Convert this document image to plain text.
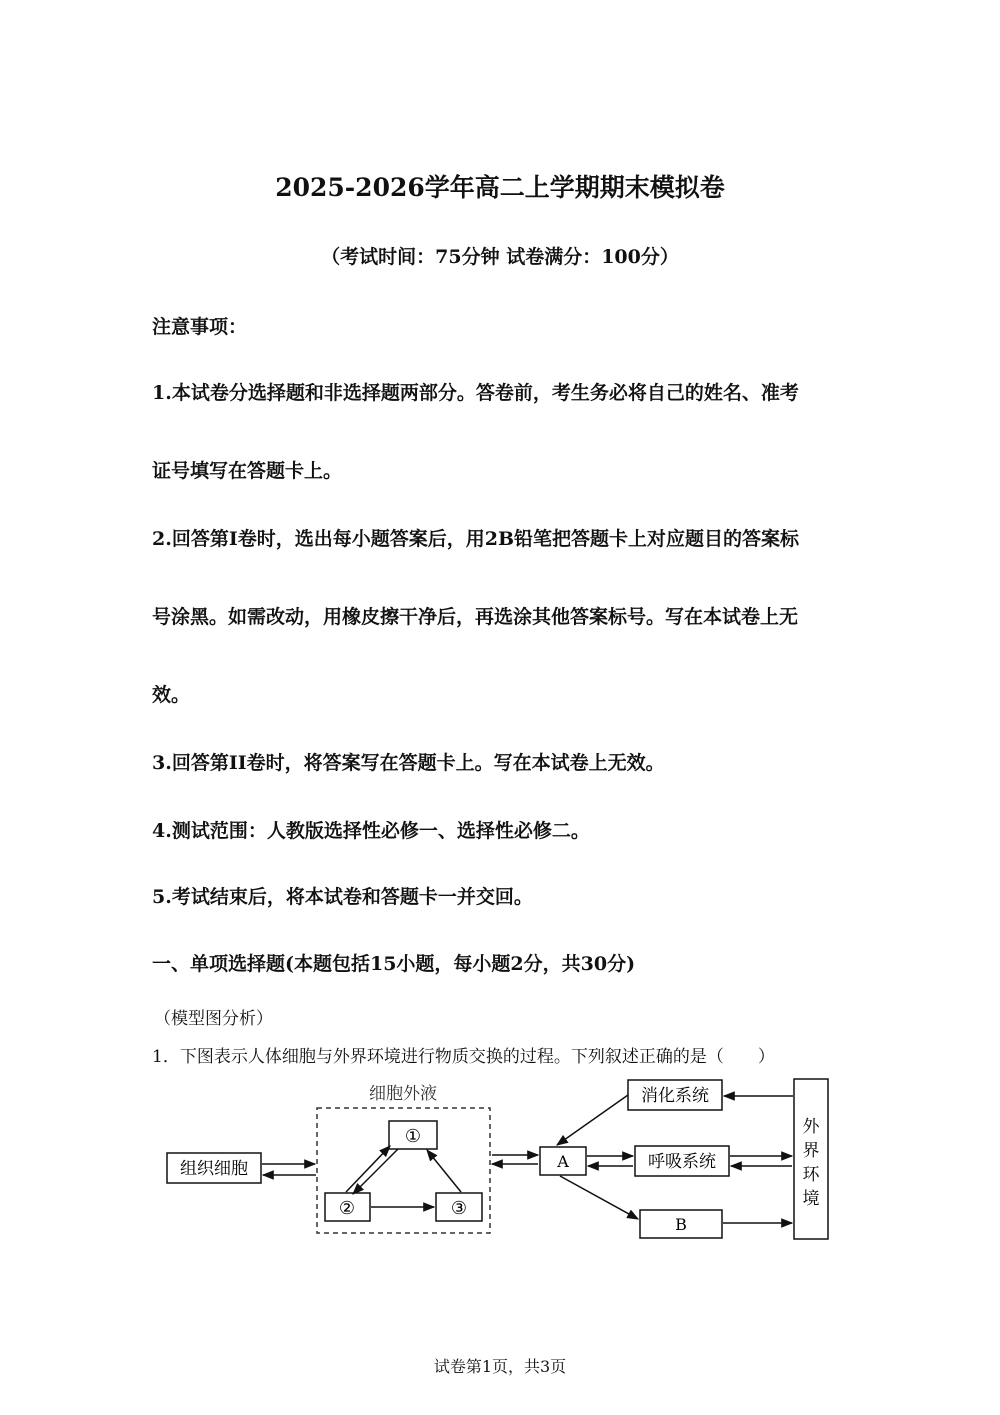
2025-2026学年高二上学期期末模拟卷
（考试时间：75分钟 试卷满分：100分）
注意事项：
1.本试卷分选择题和非选择题两部分。答卷前，考生务必将自己的姓名、准考
证号填写在答题卡上。
2.回答第Ⅰ卷时，选出每小题答案后，用2B铅笔把答题卡上对应题目的答案标
号涂黑。如需改动，用橡皮擦干净后，再选涂其他答案标号。写在本试卷上无
效。
3.回答第II卷时，将答案写在答题卡上。写在本试卷上无效。
4.测试范围：人教版选择性必修一、选择性必修二。
5.考试结束后，将本试卷和答题卡一并交回。
一、单项选择题(本题包括15小题，每小题2分，共30分)
（模型图分析）
1．下图表示人体细胞与外界环境进行物质交换的过程。下列叙述正确的是（　　）
细胞外液
组织细胞
①
②	③
A
B
消化系统
呼吸系统
外
界
环
境
试卷第1页，共3页
